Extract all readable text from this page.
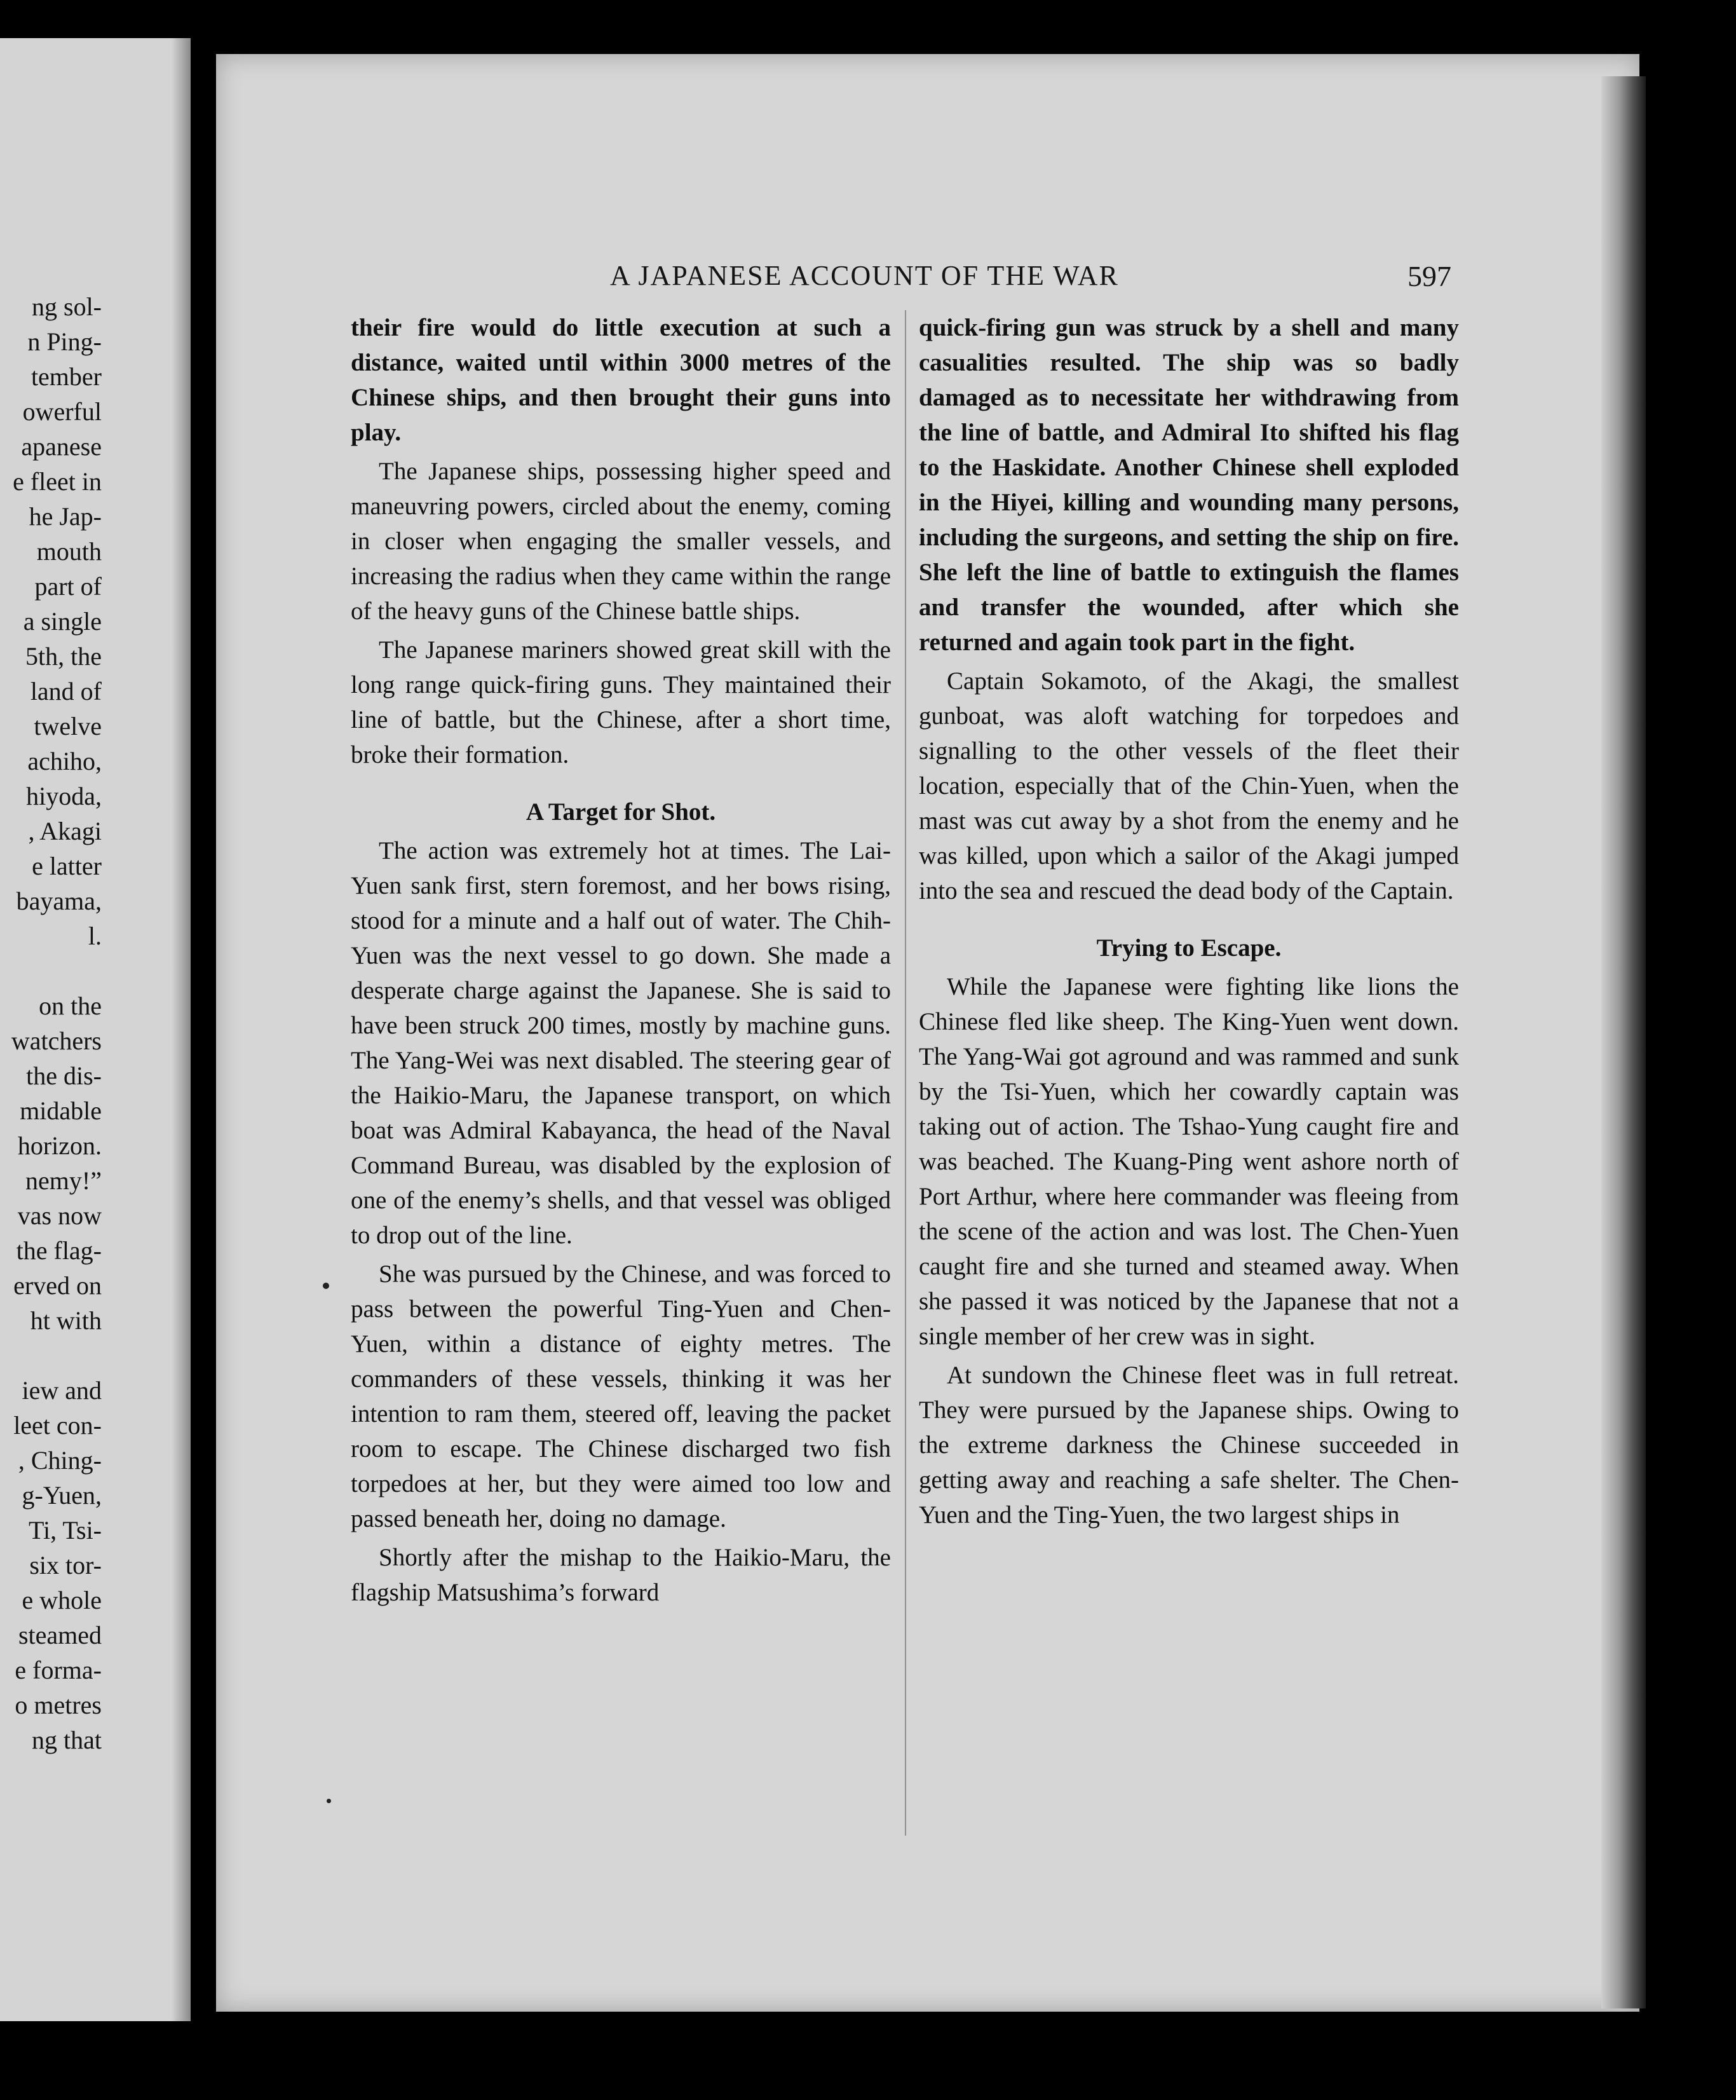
ng sol-
n Ping-
tember
owerful
apanese
e fleet in
he Jap-
mouth
part of
a single
5th, the
land of
twelve
achiho,
hiyoda,
, Akagi
e latter
bayama,
l.
on the
watchers
the dis-
midable
horizon.
nemy!”
vas now
the flag-
erved on
ht with
iew and
leet con-
, Ching-
g-Yuen,
Ti, Tsi-
six tor-
e whole
steamed
e forma-
o metres
ng that
A JAPANESE ACCOUNT OF THE WAR	597

their fire would do little execution at such a distance, waited until within 3000 metres of the Chinese ships, and then brought their guns into play.

The Japanese ships, possessing higher speed and maneuvring powers, circled about the enemy, coming in closer when engaging the smaller vessels, and increasing the radius when they came within the range of the heavy guns of the Chinese battle ships.

The Japanese mariners showed great skill with the long range quick-firing guns. They maintained their line of battle, but the Chinese, after a short time, broke their formation.

A Target for Shot.

The action was extremely hot at times. The Lai-Yuen sank first, stern foremost, and her bows rising, stood for a minute and a half out of water. The Chih-Yuen was the next vessel to go down. She made a desperate charge against the Japanese. She is said to have been struck 200 times, mostly by machine guns. The Yang-Wei was next disabled. The steering gear of the Haikio-Maru, the Japanese transport, on which boat was Admiral Kabayanca, the head of the Naval Command Bureau, was disabled by the explosion of one of the enemy’s shells, and that vessel was obliged to drop out of the line.

She was pursued by the Chinese, and was forced to pass between the powerful Ting-Yuen and Chen-Yuen, within a distance of eighty metres. The commanders of these vessels, thinking it was her intention to ram them, steered off, leaving the packet room to escape. The Chinese discharged two fish torpedoes at her, but they were aimed too low and passed beneath her, doing no damage.

Shortly after the mishap to the Haikio-Maru, the flagship Matsushima’s forward

quick-firing gun was struck by a shell and many casualities resulted. The ship was so badly damaged as to necessitate her withdrawing from the line of battle, and Admiral Ito shifted his flag to the Haskidate. Another Chinese shell exploded in the Hiyei, killing and wounding many persons, including the surgeons, and setting the ship on fire. She left the line of battle to extinguish the flames and transfer the wounded, after which she returned and again took part in the fight.

Captain Sokamoto, of the Akagi, the smallest gunboat, was aloft watching for torpedoes and signalling to the other vessels of the fleet their location, especially that of the Chin-Yuen, when the mast was cut away by a shot from the enemy and he was killed, upon which a sailor of the Akagi jumped into the sea and rescued the dead body of the Captain.

Trying to Escape.

While the Japanese were fighting like lions the Chinese fled like sheep. The King-Yuen went down. The Yang-Wai got aground and was rammed and sunk by the Tsi-Yuen, which her cowardly captain was taking out of action. The Tshao-Yung caught fire and was beached. The Kuang-Ping went ashore north of Port Arthur, where here commander was fleeing from the scene of the action and was lost. The Chen-Yuen caught fire and she turned and steamed away. When she passed it was noticed by the Japanese that not a single member of her crew was in sight.

At sundown the Chinese fleet was in full retreat. They were pursued by the Japanese ships. Owing to the extreme darkness the Chinese succeeded in getting away and reaching a safe shelter. The Chen-Yuen and the Ting-Yuen, the two largest ships in
